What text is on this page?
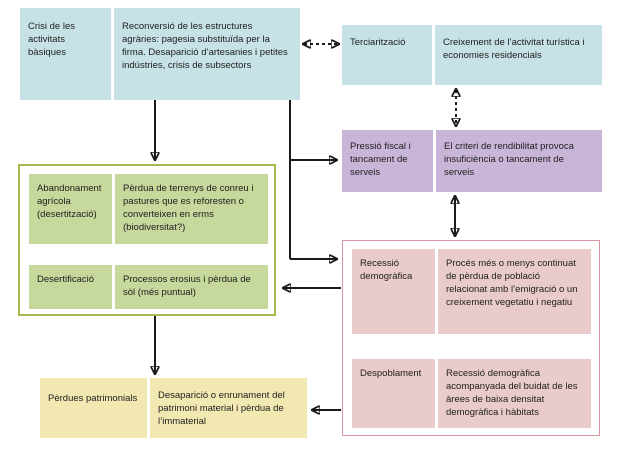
Crisi de les activitats bàsiques
Reconversió de les estructures agràries: pagesia substituïda per la firma. Desaparició d’artesanies i petites indústries, crisis de subsectors
Terciarització	Creixement de l’activitat turística i economies residencials
Pressió fiscal i tancament de serveis
El criteri de rendibilitat provoca insuficiència o tancament de serveis
Abandonament agrícola (desertització)
Pèrdua de terrenys de conreu i pastures que es reforesten o converteixen en erms (biodiversitat?)
Desertificació	Processos erosius i pèrdua de sòl (més puntual)
Recessió demogràfica
Procés més o menys continuat de pèrdua de població relacionat amb l’emigració o un creixement vegetatiu i negatiu
Despoblament	Recessió demogràfica acompanyada del buidat de les àrees de baixa densitat demogràfica i hàbitats
Pèrdues patrimonials	Desaparició o enrunament del patrimoni material i pèrdua de l’immaterial
